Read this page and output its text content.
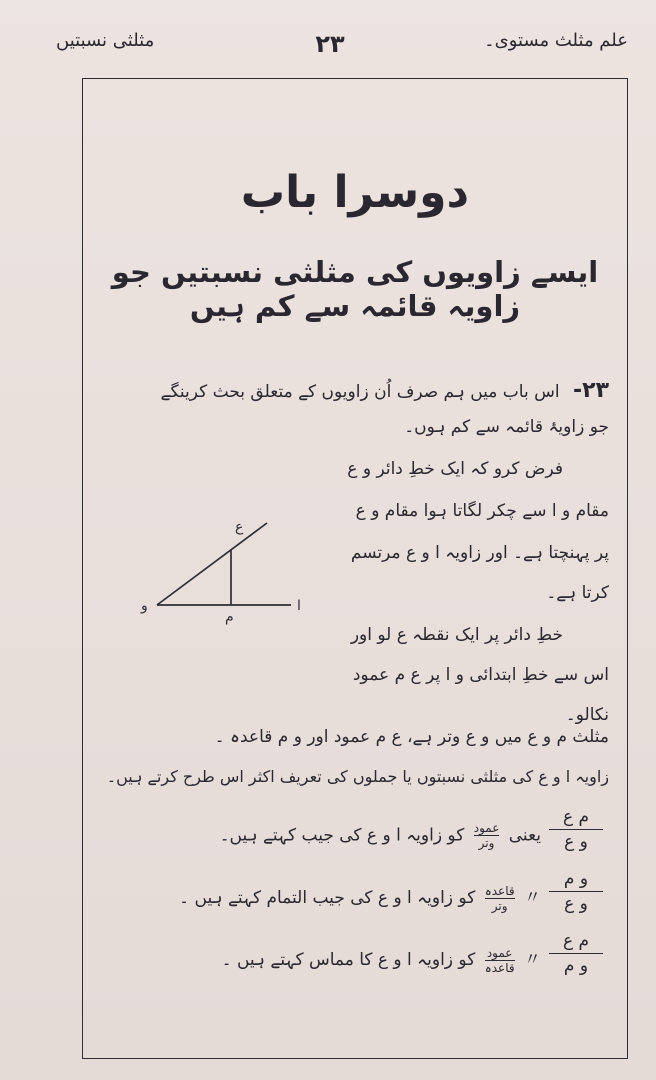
مثلثی نسبتیں	۲۳	علم مثلث مستوی۔
دوسرا باب
ایسے زاویوں کی مثلثی نسبتیں جو زاویہ قائمہ سے کم ہیں
۲۳- اس باب میں ہم صرف اُن زاویوں کے متعلق بحث کرینگے
جو زاویۂ قائمہ سے کم ہوں۔
فرض کرو کہ ایک خطِ دائر و ع
مقام و ا سے چکر لگاتا ہوا مقام و ع
پر پہنچتا ہے۔ اور زاویہ ا و ع مرتسم
کرتا ہے۔
خطِ دائر پر ایک نقطہ ع لو اور
اس سے خطِ ابتدائی و ا پر ع م عمود
نکالو۔
مثلث م و ع میں و ع وتر ہے، ع م عمود اور و م قاعدہ ۔
زاویہ ا و ع کی مثلثی نسبتوں یا جملوں کی تعریف اکثر اس طرح کرتے ہیں۔
ع
و	ا
م
م ع
و ع
یعنی
$\frac{\text{عمود}}{\text{وتر}}$
کو زاویہ ا و ع کی جیب کہتے ہیں۔
و م
و ع
〃
$\frac{\text{قاعدہ}}{\text{وتر}}$
کو زاویہ ا و ع کی جیب التمام کہتے ہیں ۔
م ع
و م
〃
$\frac{\text{عمود}}{\text{قاعدہ}}$
کو زاویہ ا و ع کا مماس کہتے ہیں ۔
